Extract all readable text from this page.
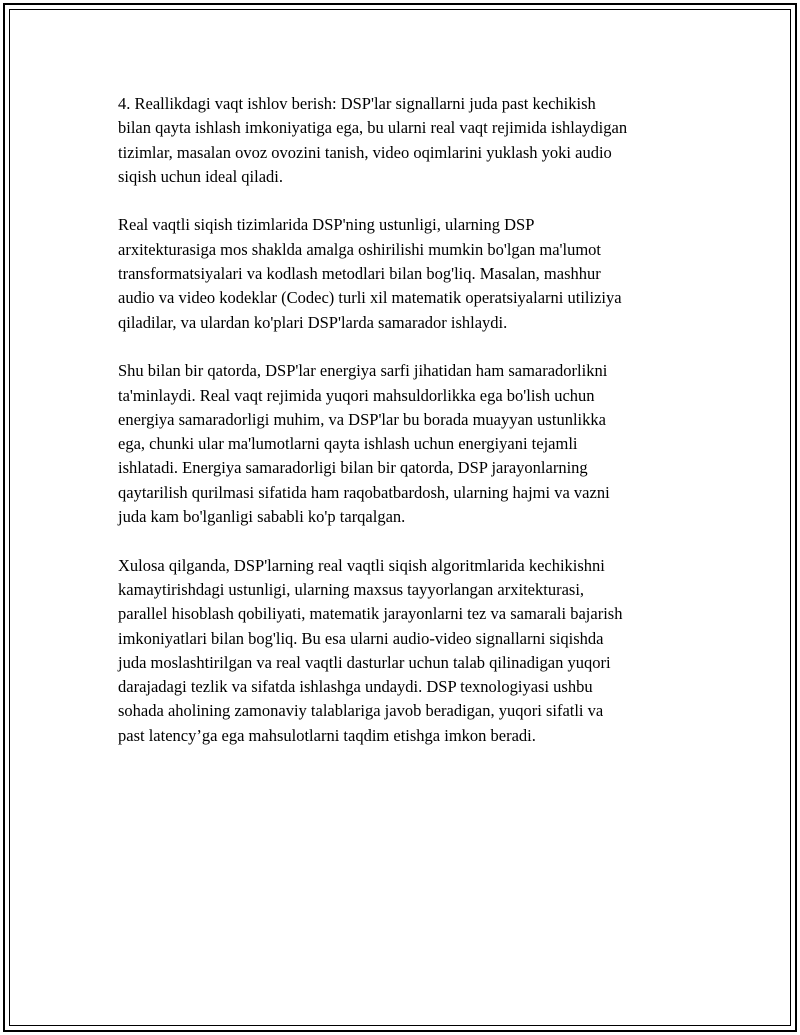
4. Reallikdagi vaqt ishlov berish: DSP'lar signallarni juda past kechikish
bilan qayta ishlash imkoniyatiga ega, bu ularni real vaqt rejimida ishlaydigan
tizimlar, masalan ovoz ovozini tanish, video oqimlarini yuklash yoki audio
siqish uchun ideal qiladi.

Real vaqtli siqish tizimlarida DSP'ning ustunligi, ularning DSP
arxitekturasiga mos shaklda amalga oshirilishi mumkin bo'lgan ma'lumot
transformatsiyalari va kodlash metodlari bilan bog'liq. Masalan, mashhur
audio va video kodeklar (Codec) turli xil matematik operatsiyalarni utiliziya
qiladilar, va ulardan ko'plari DSP'larda samarador ishlaydi.

Shu bilan bir qatorda, DSP'lar energiya sarfi jihatidan ham samaradorlikni
ta'minlaydi. Real vaqt rejimida yuqori mahsuldorlikka ega bo'lish uchun
energiya samaradorligi muhim, va DSP'lar bu borada muayyan ustunlikka
ega, chunki ular ma'lumotlarni qayta ishlash uchun energiyani tejamli
ishlatadi. Energiya samaradorligi bilan bir qatorda, DSP jarayonlarning
qaytarilish qurilmasi sifatida ham raqobatbardosh, ularning hajmi va vazni
juda kam bo'lganligi sababli ko'p tarqalgan.

Xulosa qilganda, DSP'larning real vaqtli siqish algoritmlarida kechikishni
kamaytirishdagi ustunligi, ularning maxsus tayyorlangan arxitekturasi,
parallel hisoblash qobiliyati, matematik jarayonlarni tez va samarali bajarish
imkoniyatlari bilan bog'liq. Bu esa ularni audio-video signallarni siqishda
juda moslashtirilgan va real vaqtli dasturlar uchun talab qilinadigan yuqori
darajadagi tezlik va sifatda ishlashga undaydi. DSP texnologiyasi ushbu
sohada aholining zamonaviy talablariga javob beradigan, yuqori sifatli va
past latency’ga ega mahsulotlarni taqdim etishga imkon beradi.
